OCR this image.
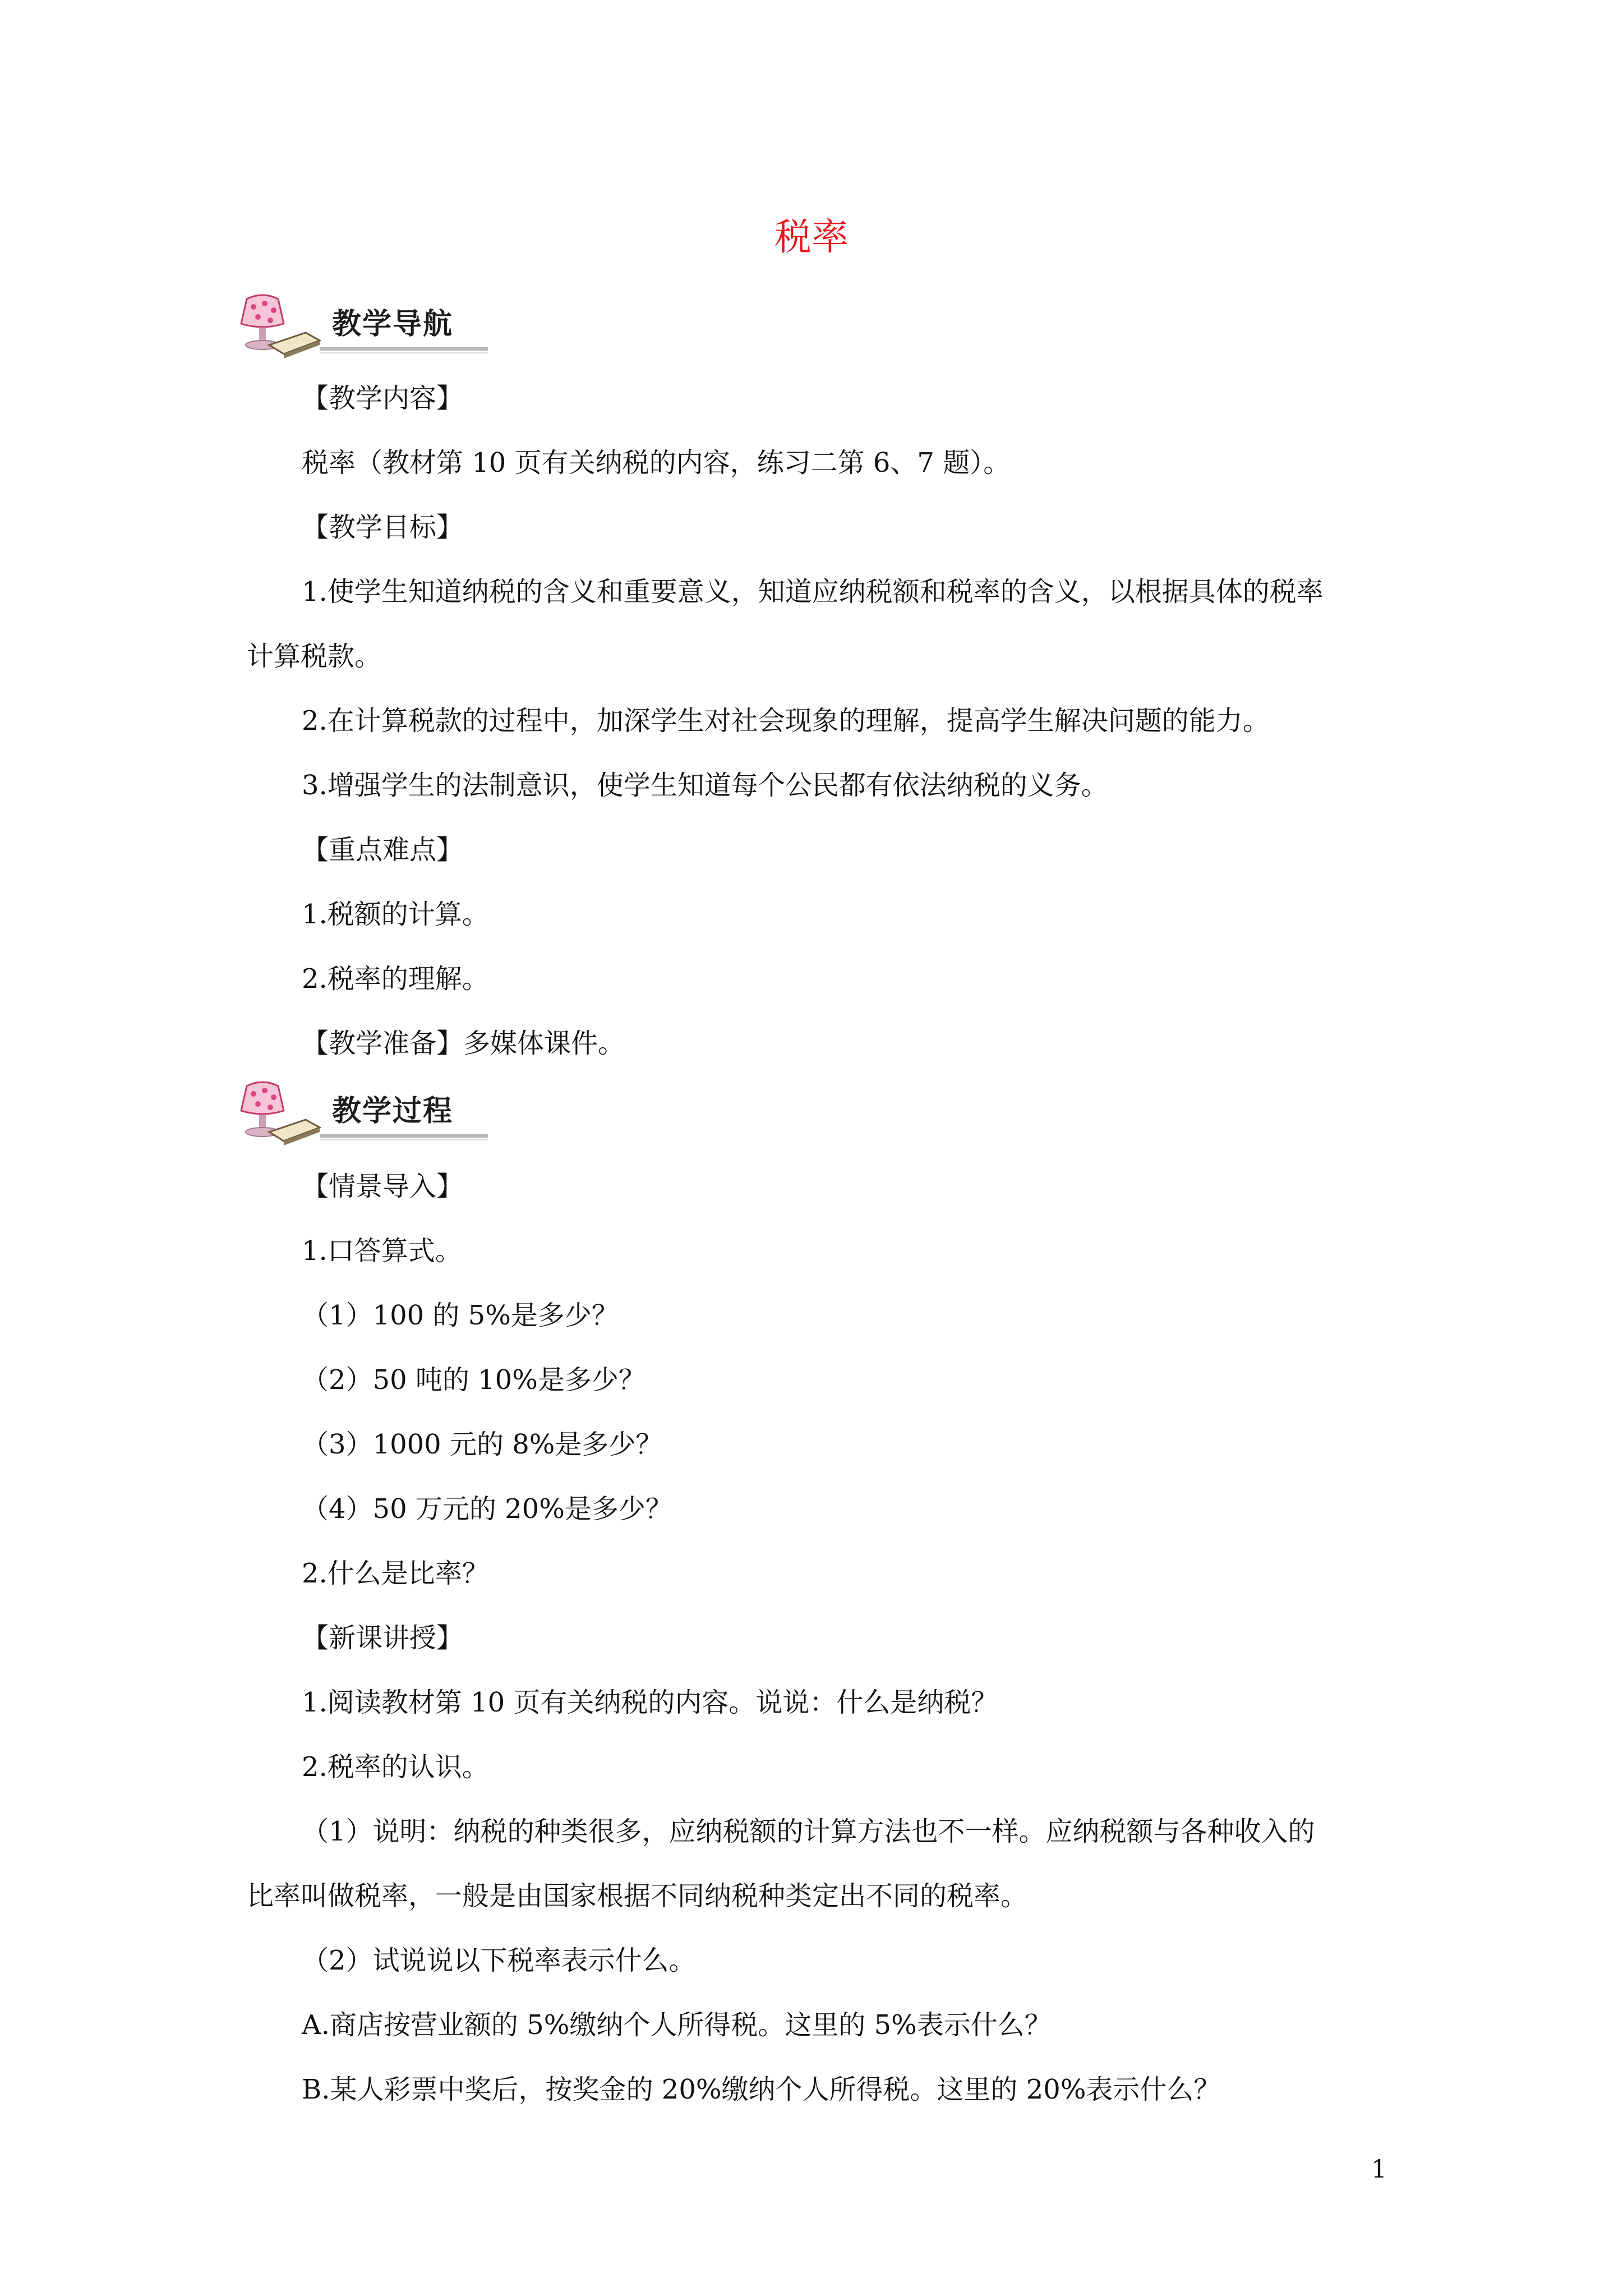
税率
教学导航
教学过程
【教学内容】
税率（教材第 10 页有关纳税的内容，练习二第 6、7 题）。
【教学目标】
1.使学生知道纳税的含义和重要意义，知道应纳税额和税率的含义，以根据具体的税率
计算税款。
2.在计算税款的过程中，加深学生对社会现象的理解，提高学生解决问题的能力。
3.增强学生的法制意识，使学生知道每个公民都有依法纳税的义务。
【重点难点】
1.税额的计算。
2.税率的理解。
【教学准备】多媒体课件。
【情景导入】
1.口答算式。
（1）100 的 5%是多少？
（2）50 吨的 10%是多少？
（3）1000 元的 8%是多少？
（4）50 万元的 20%是多少？
2.什么是比率？
【新课讲授】
1.阅读教材第 10 页有关纳税的内容。说说：什么是纳税？
2.税率的认识。
（1）说明：纳税的种类很多，应纳税额的计算方法也不一样。应纳税额与各种收入的
比率叫做税率，一般是由国家根据不同纳税种类定出不同的税率。
（2）试说说以下税率表示什么。
A.商店按营业额的 5%缴纳个人所得税。这里的 5%表示什么？
B.某人彩票中奖后，按奖金的 20%缴纳个人所得税。这里的 20%表示什么？
1
